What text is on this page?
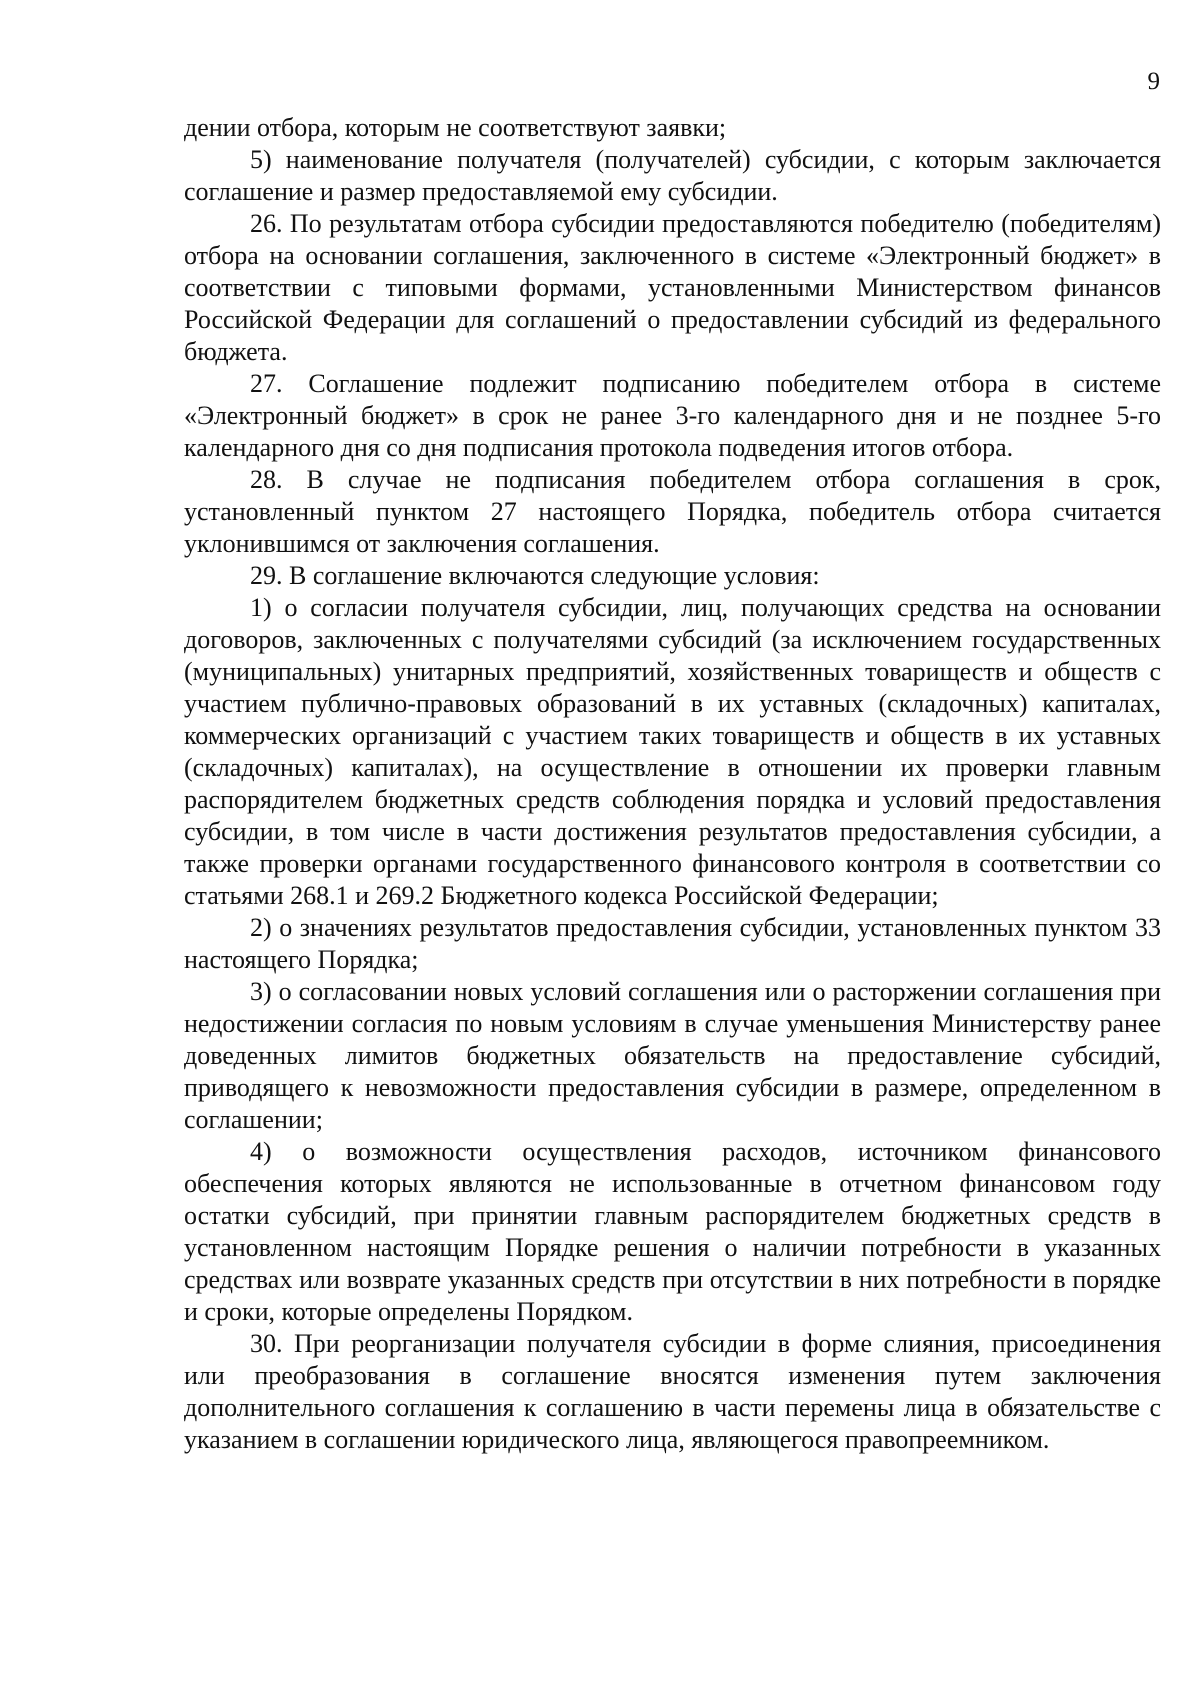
9

дении отбора, которым не соответствуют заявки;

5) наименование получателя (получателей) субсидии, с которым заключается соглашение и размер предоставляемой ему субсидии.

26. По результатам отбора субсидии предоставляются победителю (победителям) отбора на основании соглашения, заключенного в системе «Электронный бюджет» в соответствии с типовыми формами, установленными Министерством финансов Российской Федерации для соглашений о предоставлении субсидий из федерального бюджета.

27. Соглашение подлежит подписанию победителем отбора в системе «Электронный бюджет» в срок не ранее 3-го календарного дня и не позднее 5-го календарного дня со дня подписания протокола подведения итогов отбора.

28. В случае не подписания победителем отбора соглашения в срок, установленный пунктом 27 настоящего Порядка, победитель отбора считается уклонившимся от заключения соглашения.

29. В соглашение включаются следующие условия:

1) о согласии получателя субсидии, лиц, получающих средства на основании договоров, заключенных с получателями субсидий (за исключением государственных (муниципальных) унитарных предприятий, хозяйственных товариществ и обществ с участием публично-правовых образований в их уставных (складочных) капиталах, коммерческих организаций с участием таких товариществ и обществ в их уставных (складочных) капиталах), на осуществление в отношении их проверки главным распорядителем бюджетных средств соблюдения порядка и условий предоставления субсидии, в том числе в части достижения результатов предоставления субсидии, а также проверки органами государственного финансового контроля в соответствии со статьями 268.1 и 269.2 Бюджетного кодекса Российской Федерации;

2) о значениях результатов предоставления субсидии, установленных пунктом 33 настоящего Порядка;

3) о согласовании новых условий соглашения или о расторжении соглашения при недостижении согласия по новым условиям в случае уменьшения Министерству ранее доведенных лимитов бюджетных обязательств на предоставление субсидий, приводящего к невозможности предоставления субсидии в размере, определенном в соглашении;

4) о возможности осуществления расходов, источником финансового обеспечения которых являются не использованные в отчетном финансовом году остатки субсидий, при принятии главным распорядителем бюджетных средств в установленном настоящим Порядке решения о наличии потребности в указанных средствах или возврате указанных средств при отсутствии в них потребности в порядке и сроки, которые определены Порядком.

30. При реорганизации получателя субсидии в форме слияния, присоединения или преобразования в соглашение вносятся изменения путем заключения дополнительного соглашения к соглашению в части перемены лица в обязательстве с указанием в соглашении юридического лица, являющегося правопреемником.
